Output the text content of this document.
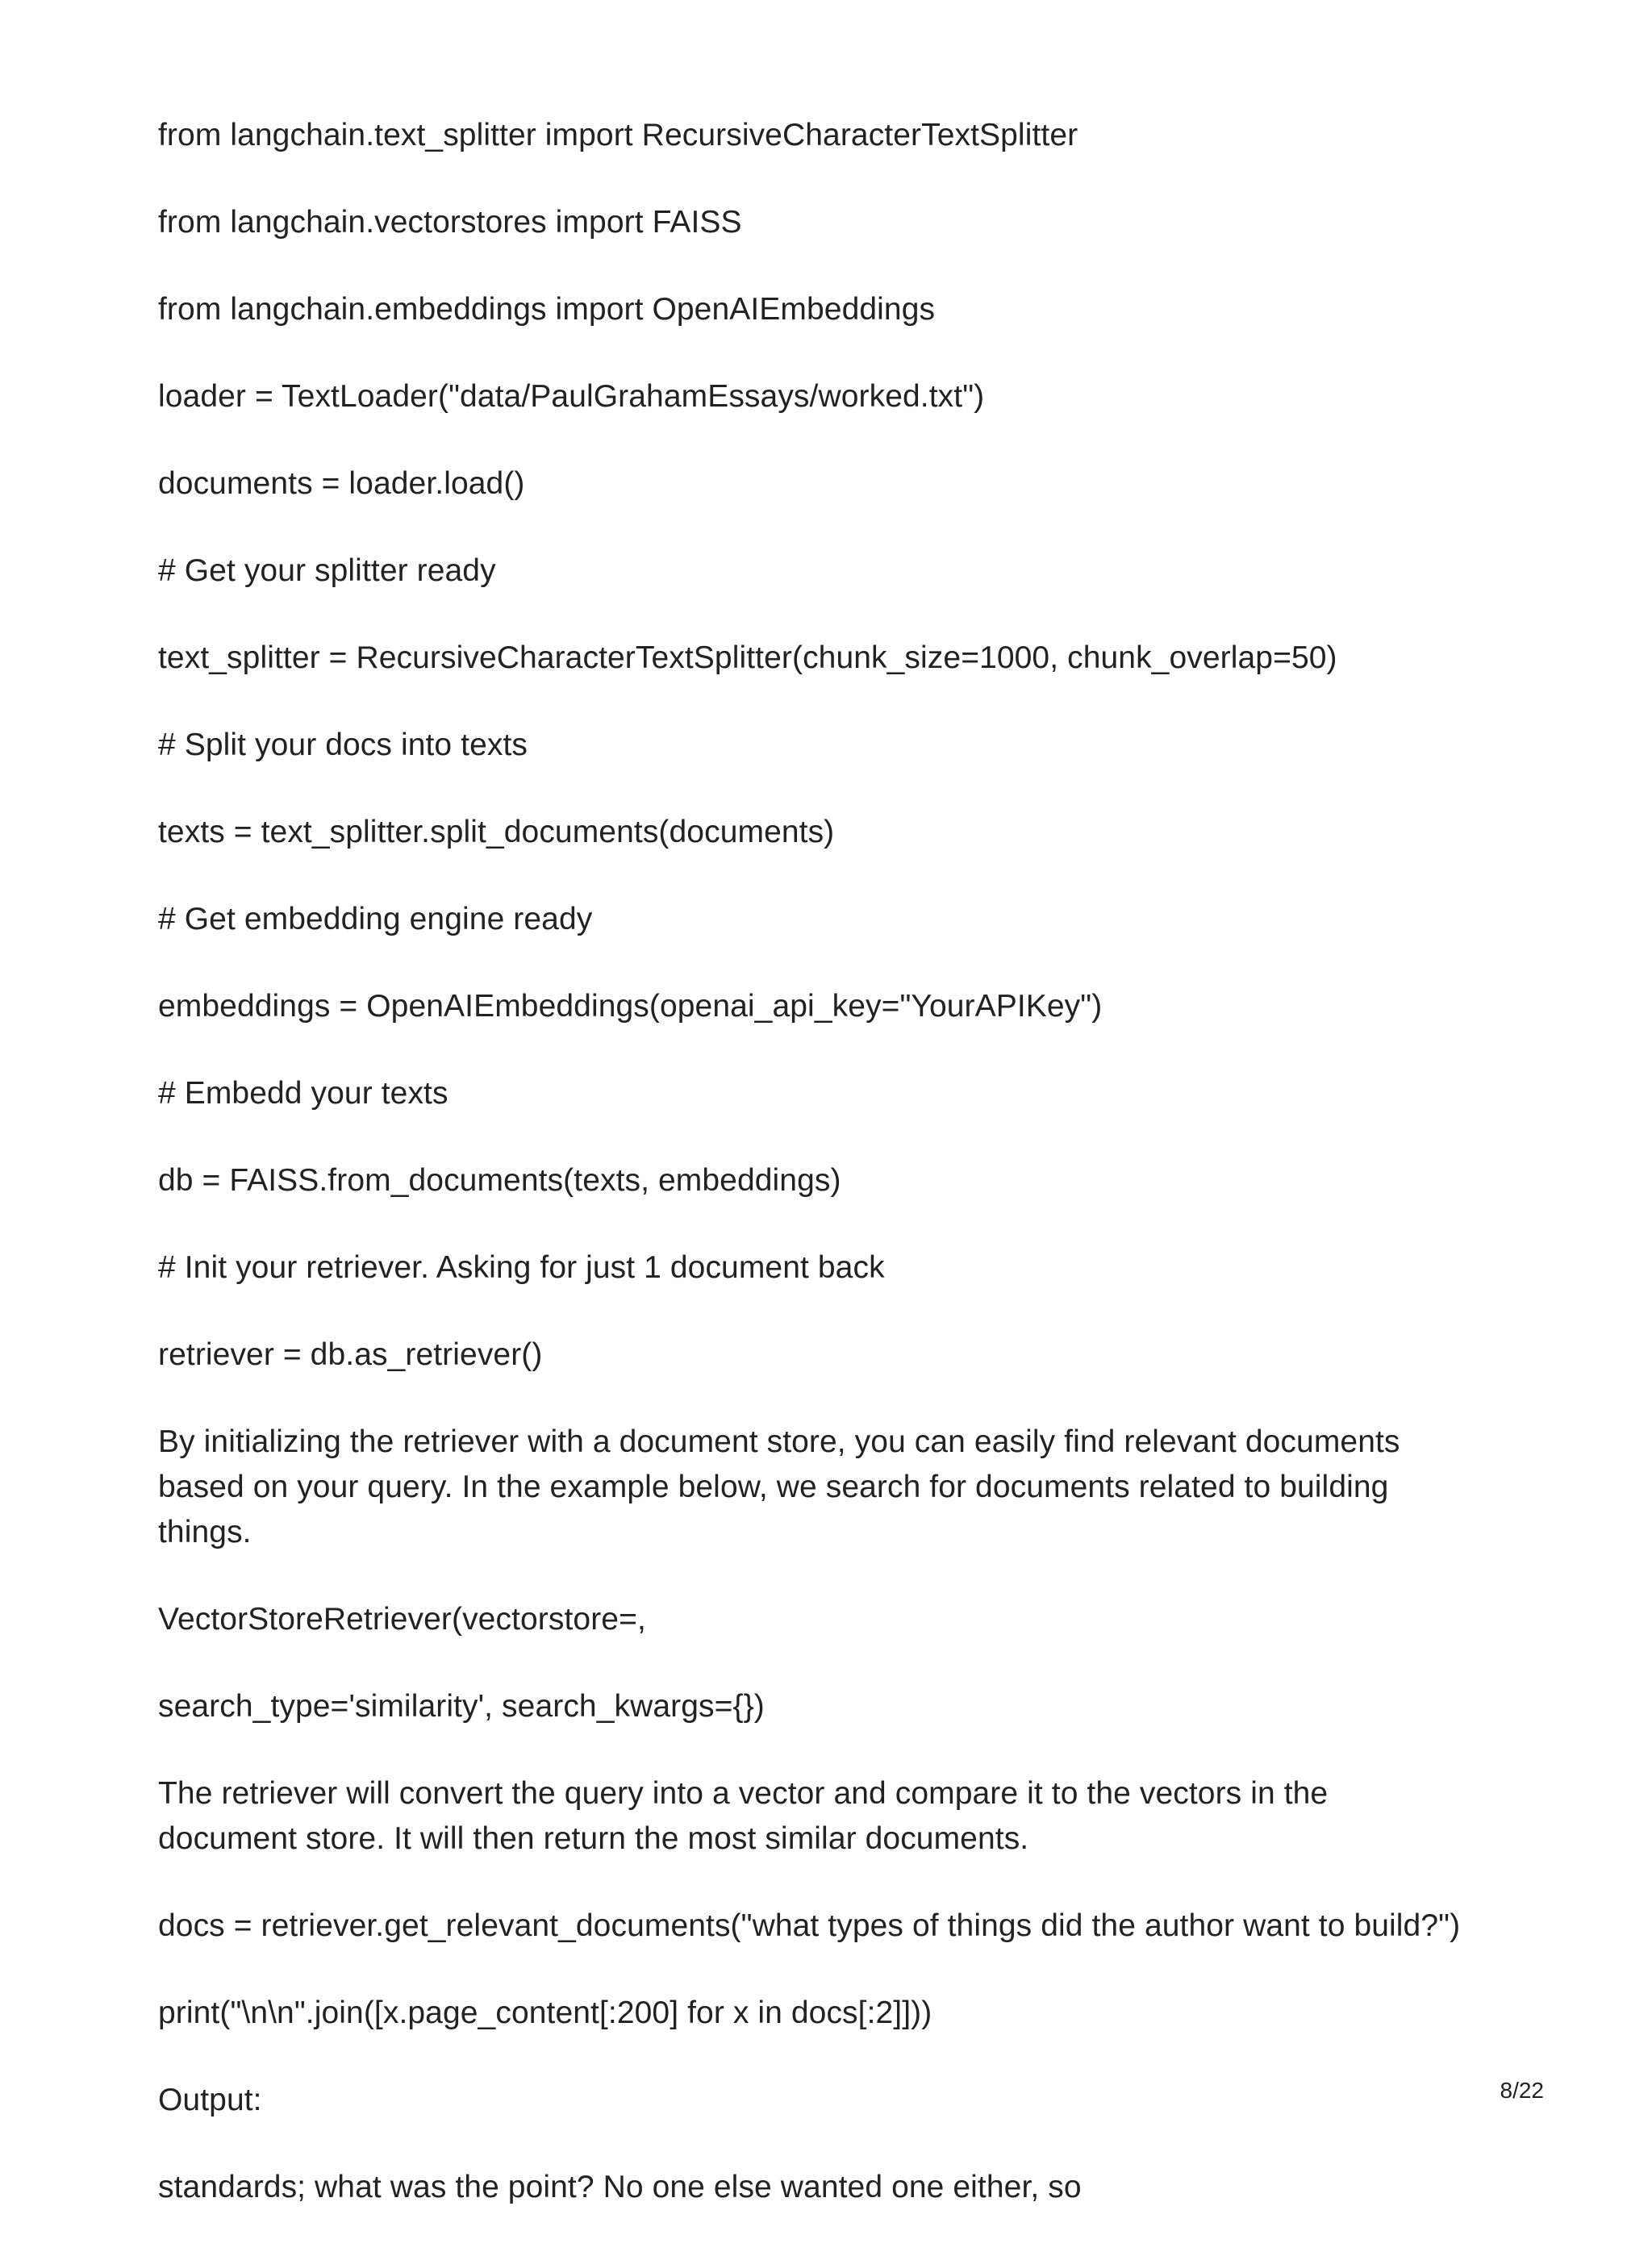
from langchain.text_splitter import RecursiveCharacterTextSplitter

from langchain.vectorstores import FAISS

from langchain.embeddings import OpenAIEmbeddings

loader = TextLoader("data/PaulGrahamEssays/worked.txt")

documents = loader.load()

# Get your splitter ready

text_splitter = RecursiveCharacterTextSplitter(chunk_size=1000, chunk_overlap=50)

# Split your docs into texts

texts = text_splitter.split_documents(documents)

# Get embedding engine ready

embeddings = OpenAIEmbeddings(openai_api_key="YourAPIKey")

# Embedd your texts

db = FAISS.from_documents(texts, embeddings)

# Init your retriever. Asking for just 1 document back

retriever = db.as_retriever()

By initializing the retriever with a document store, you can easily find relevant documents based on your query. In the example below, we search for documents related to building things.

VectorStoreRetriever(vectorstore=,

search_type='similarity', search_kwargs={})

The retriever will convert the query into a vector and compare it to the vectors in the document store. It will then return the most similar documents.

docs = retriever.get_relevant_documents("what types of things did the author want to build?")

print("\n\n".join([x.page_content[:200] for x in docs[:2]]))

Output:

standards; what was the point? No one else wanted one either, so

8/22
